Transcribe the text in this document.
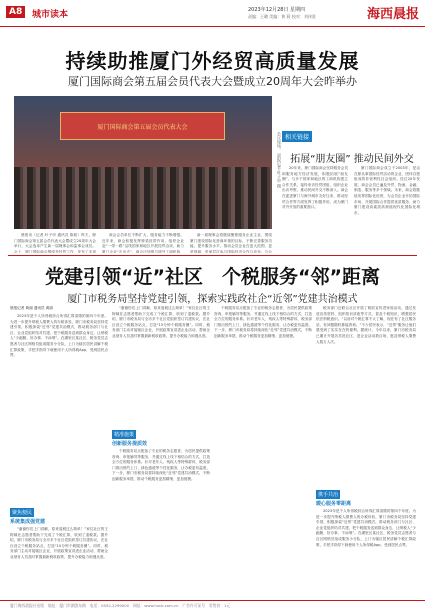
A8	城市读本	2023年12月28日 星期四
责编：王璐 美编：黄 莉 校对：刘伟贤	海西晨报
持续助推厦门外经贸高质量发展
厦门国际商会第五届会员代表大会暨成立20周年大会昨举办
厦门国际商会第五届会员代表大会
会议现场。 晨报记者 叶子申 摄 相关链接
拓展“朋友圈” 推动民间外交

20年来，厦门国际商会坚持服务会员和服务地方经济发展，积极拓展“朋友圈”，与多个国家和地区的工商机构建立合作关系，接待来访经贸团组，组织企业出访考察，推动民间外交不断深入。商会在促进厦门与海外城市友好往来、推动经贸合作等方面发挥了积极作用，成为厦门对外开放的重要窗口。

厦门国际商会成立于2003年，是由在厦从事国际经贸活动的企业、团体自愿组成的非营利性社会组织。经过20年发展，商会会员已遍及外贸、物流、金融、制造、服务等多个领域。未来，商会将继续发挥国际化优势，为会员企业开拓国际市场、开展国际合作提供优质服务，助力厦门建设高素质高颜值现代化国际化城市。

晨报讯（记者 叶子申 通讯员 陈莉）昨天，厦门国际商会第五届会员代表大会暨成立20周年大会举行，大会选举产生新一届理事会和监事会成员。会上，厦门国际商会围绕外经贸工作，发布了多项

商会会员单位不断扩大，服务能力不断增强。近年来，商会积极发挥桥梁纽带作用，组织企业赴“一带一路”沿线国家和地区开展经贸洽谈，助力厦门企业“走出去”。商会还加强与境外工商机构、

新一届理事会将继续聚焦服务企业主业，围绕厦门建设国际化营商环境的目标，不断完善服务功能，提升服务水平，推动会员企业在更大范围、更宽领域、更深层次参与国际经济合作与竞争。与会

党建引领“近”社区　个税服务“邻”距离
厦门市税务局坚持党建引领，探索实践政社企“近邻”党建共治模式
晨报记者 黄丽 通讯员 黄淑

2023年是个人所得税综合所得汇算清缴的第四个年度。为进一步提升纳税人缴费人的办税体验，厦门市税务局坚持党建引领，积极探索“近邻”党建共治模式，推动税务部门与社区、企业党组织结对共建，把个税服务送到群众身边，让纳税人“少跑腿、好办事、不添堵”。在湖里区某社区，税务党员志愿者与社区网格员组成服务小分队，上门为辖区居民讲解个税汇算政策，手把手指导下载使用个人所得税App，受到居民点赞。

聚焦便民
系统集成强党建

“谢谢你们上门讲解，原来退税这么简单！”家住社区的王阿姨在志愿者帮助下完成了个税汇算，收到了退税款。据介绍，厦门市税务局与全市多个社区党组织签订共建协议，在社区设立个税服务站点，打造“15分钟个税服务圈”。同时，税务部门主动对接辖区企业，开展政策宣讲进企业活动，帮助企业财务人员及时掌握最新税收政策，提升办税能力和遵从度。

“谢谢你们上门讲解，原来退税这么简单！”家住社区的王阿姨在志愿者帮助下完成了个税汇算，收到了退税款。据介绍，厦门市税务局与全市多个社区党组织签订共建协议，在社区设立个税服务站点，打造“15分钟个税服务圈”。同时，税务部门主动对接辖区企业，开展政策宣讲进企业活动，帮助企业财务人员及时掌握最新税收政策，提升办税能力和遵从度。

精准施策
创新服务提质效

个税服务站点配备了专业的税务志愿者，为居民提供政策咨询、申报辅导等服务，并通过线上线下相结合的方式，打造全方位的服务体系。针对老年人、残疾人等特殊群体，税务部门推出预约上门、绿色通道等个性化服务，让办税更有温度。下一步，厦门市税务局将持续深化“近邻”党建共治模式，不断创新服务举措，推动个税服务更加精细、更加便捷。

个税服务站点配备了专业的税务志愿者，为居民提供政策咨询、申报辅导等服务，并通过线上线下相结合的方式，打造全方位的服务体系。针对老年人、残疾人等特殊群体，税务部门推出预约上门、绿色通道等个性化服务，让办税更有温度。下一步，厦门市税务局将持续深化“近邻”党建共治模式，不断创新服务举措，推动个税服务更加精细、更加便捷。

税务部门还联合社区开展了税收宣传进家庭活动，通过发放宣传资料、组织知识讲座等方式，普及个税知识，增强居民依法纳税意识。“以前对个税汇算不太了解，现在有了社区服务站，有问题随时都能咨询。”不少居民表示，“近邻”服务让他们感受到了实实在在的便利。据统计，今年以来，厦门市税务局已累计开展各类进社区、进企业活动数百场，惠及纳税人缴费人数万人次。

携手共治
暖心服务零距离

2023年是个人所得税综合所得汇算清缴的第四个年度。为进一步提升纳税人缴费人的办税体验，厦门市税务局坚持党建引领，积极探索“近邻”党建共治模式，推动税务部门与社区、企业党组织结对共建，把个税服务送到群众身边，让纳税人“少跑腿、好办事、不添堵”。在湖里区某社区，税务党员志愿者与社区网格员组成服务小分队，上门为辖区居民讲解个税汇算政策，手把手指导下载使用个人所得税App，受到居民点赞。

厦门海西晨报社出版　地址：厦门市湖滨东路　电话：0592-2299000　网址：www.hxcb.com.cn　广告许可证号　零售价：1元
